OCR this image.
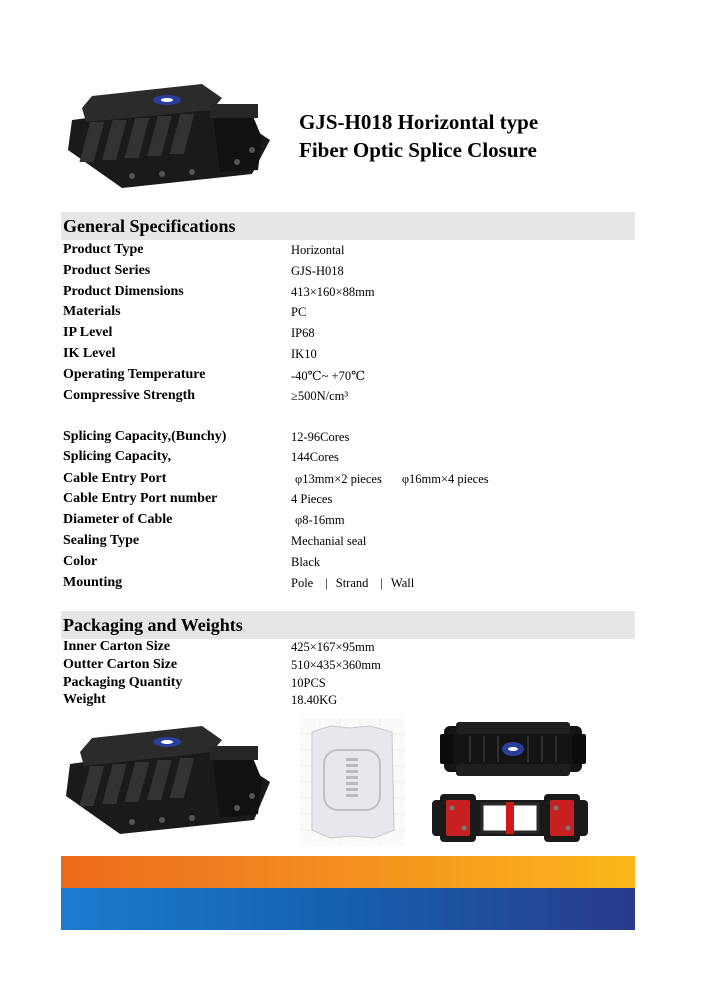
GJS-H018 Horizontal type
Fiber Optic Splice Closure
General Specifications
Product Type	Horizontal
Product Series	GJS-H018
Product Dimensions	413×160×88mm
Materials	PC
IP Level	IP68
IK Level	IK10
Operating Temperature	-40℃~ +70℃
Compressive Strength	≥500N/cm³
Splicing Capacity,(Bunchy)	12-96Cores
Splicing Capacity,	144Cores
Cable Entry Port	φ13mm×2 pieces φ16mm×4 pieces
Cable Entry Port number	4 Pieces
Diameter of Cable	φ8-16mm
Sealing Type	Mechanial seal
Color	Black
Mounting	Pole | Strand | Wall
Packaging and Weights
Inner Carton Size	425×167×95mm
Outter Carton Size	510×435×360mm
Packaging Quantity	10PCS
Weight	18.40KG
